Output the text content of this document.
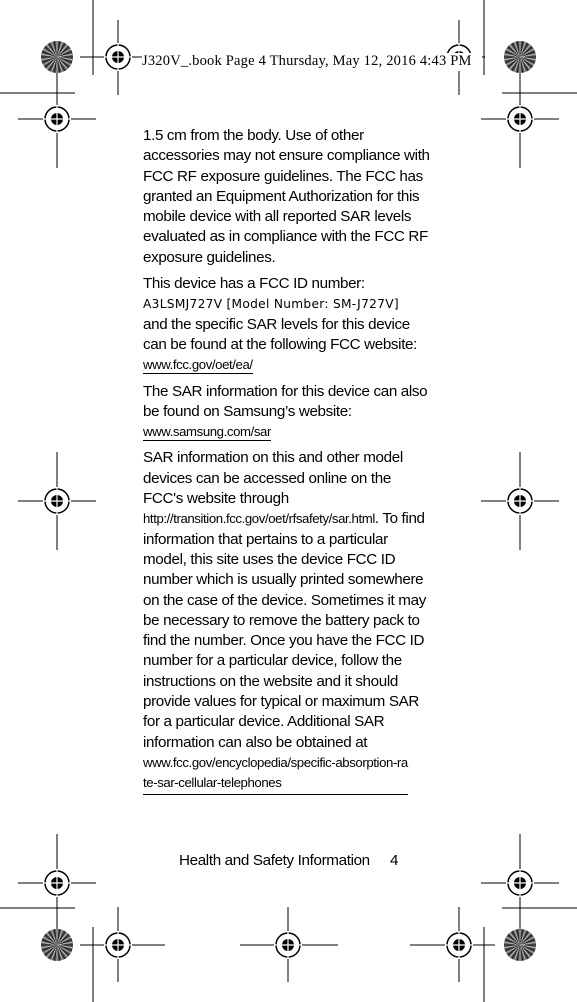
J320V_.book Page 4 Thursday, May 12, 2016 4:43 PM

1.5 cm from the body. Use of other accessories may not ensure compliance with FCC RF exposure guidelines. The FCC has granted an Equipment Authorization for this mobile device with all reported SAR levels evaluated as in compliance with the FCC RF exposure guidelines.

This device has a FCC ID number:
A3LSMJ727V [Model Number: SM-J727V]
and the specific SAR levels for this device can be found at the following FCC website:
www.fcc.gov/oet/ea/

The SAR information for this device can also be found on Samsung’s website:
www.samsung.com/sar

SAR information on this and other model devices can be accessed online on the FCC's website through
http://transition.fcc.gov/oet/rfsafety/sar.html. To find information that pertains to a particular model, this site uses the device FCC ID number which is usually printed somewhere on the case of the device. Sometimes it may be necessary to remove the battery pack to find the number. Once you have the FCC ID number for a particular device, follow the instructions on the website and it should provide values for typical or maximum SAR for a particular device. Additional SAR information can also be obtained at
www.fcc.gov/encyclopedia/specific-absorption-rate-sar-cellular-telephones

Health and Safety Information 4
